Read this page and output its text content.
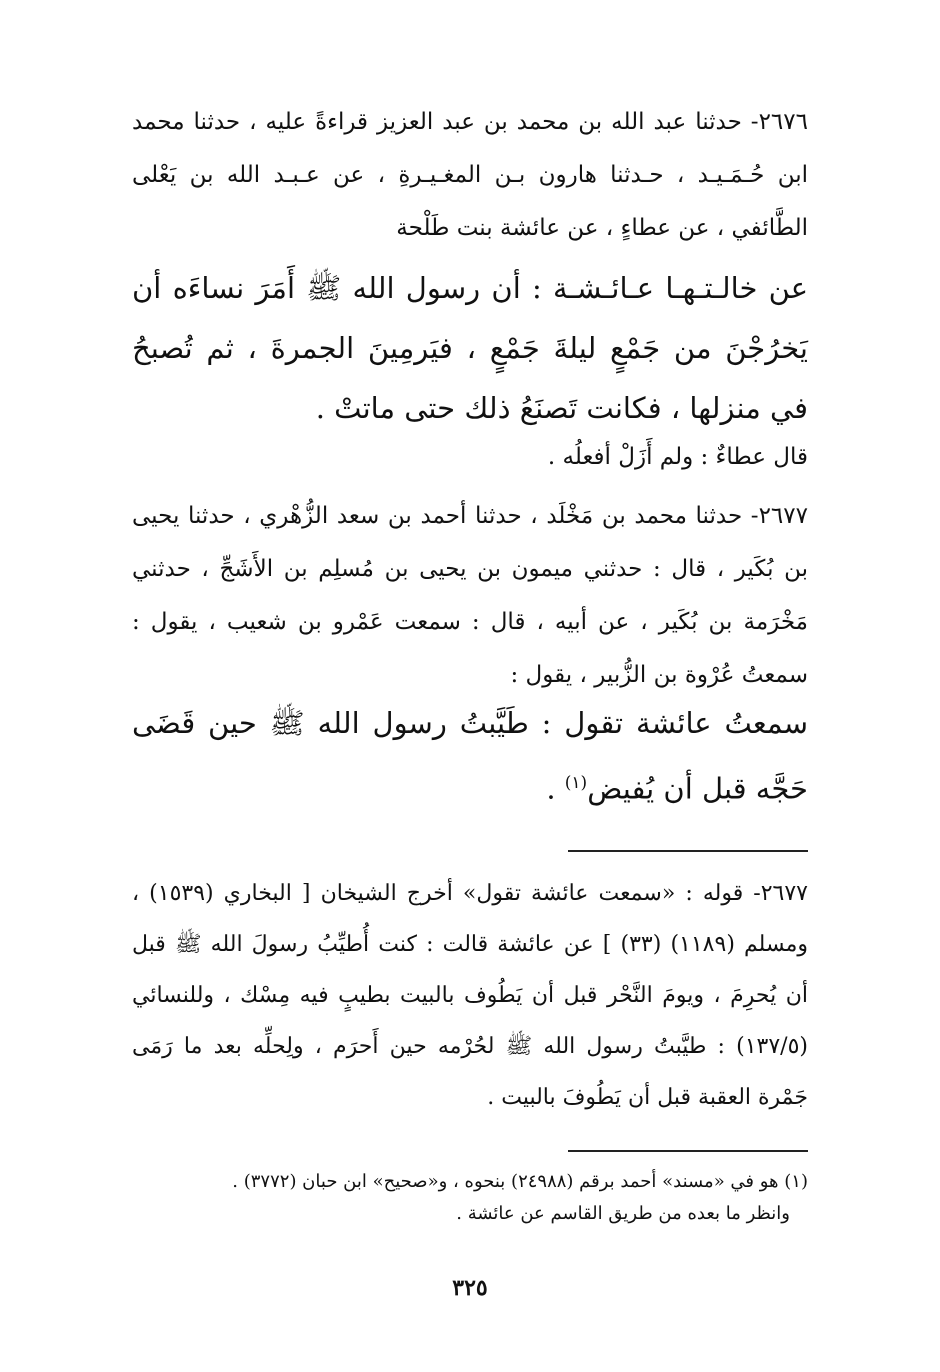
٢٦٧٦- حدثنا عبد الله بن محمد بن عبد العزيز قراءةً عليه ، حدثنا محمد ابن حُـمَـيـد ، حـدثنا هارون بـن المغـيـرةِ ، عن عـبـد الله بن يَعْلى الطَّائفي ، عن عطاءٍ ، عن عائشة بنت طَلْحة
عن خالـتـهـا عـائـشـة : أن رسول الله ﷺ أَمَرَ نساءَه أن يَخرُجْنَ من جَمْعٍ ليلةَ جَمْعٍ ، فيَرمِينَ الجمرةَ ، ثم تُصبحُ في منزلها ، فكانت تَصنَعُ ذلك حتى ماتتْ .
قال عطاءٌ : ولم أَزَلْ أفعلُه .
٢٦٧٧- حدثنا محمد بن مَخْلَد ، حدثنا أحمد بن سعد الزُّهْري ، حدثنا يحيى بن بُكَير ، قال : حدثني ميمون بن يحيى بن مُسلِم بن الأَشَجِّ ، حدثني مَخْرَمة بن بُكَير ، عن أبيه ، قال : سمعت عَمْرو بن شعيب ، يقول : سمعتُ عُرْوة بن الزُّبير ، يقول :
سمعتُ عائشة تقول : طَيَّبتُ رسول الله ﷺ حين قَضَى حَجَّه قبل أن يُفيض$^{(١)}$ .
٢٦٧٧- قوله : «سمعت عائشة تقول» أخرج الشيخان [ البخاري (١٥٣٩) ، ومسلم (١١٨٩) (٣٣) ] عن عائشة قالت : كنت أُطيِّبُ رسولَ الله ﷺ قبل أن يُحرِمَ ، ويومَ النَّحْر قبل أن يَطُوف بالبيت بطيبٍ فيه مِسْك ، وللنسائي (١٣٧/٥) : طيَّبتُ رسول الله ﷺ لحُرْمه حين أَحرَم ، ولِحلِّه بعد ما رَمَى جَمْرة العقبة قبل أن يَطُوفَ بالبيت .
(١) هو في «مسند» أحمد برقم (٢٤٩٨٨) بنحوه ، و«صحيح» ابن حبان (٣٧٧٢) .
وانظر ما بعده من طريق القاسم عن عائشة .
٣٢٥
